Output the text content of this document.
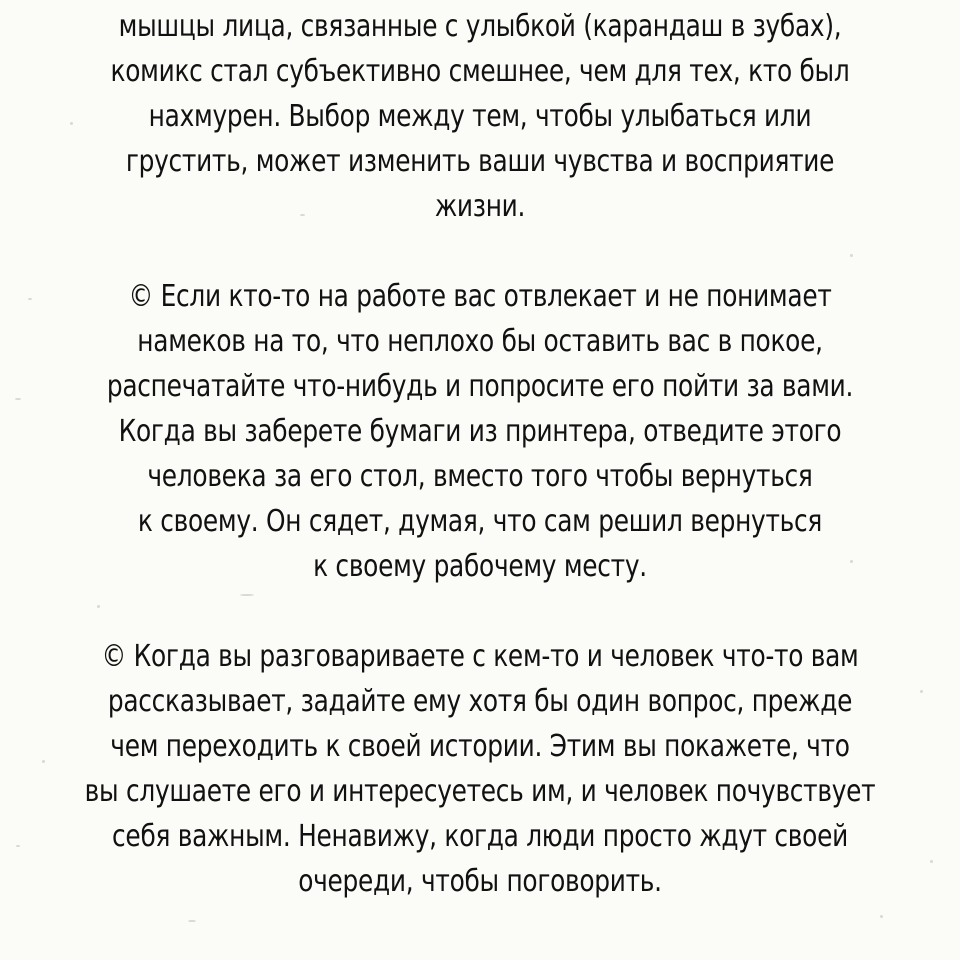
мышцы лица, связанные с улыбкой (карандаш в зубах),
комикс стал субъективно смешнее, чем для тех, кто был
нахмурен. Выбор между тем, чтобы улыбаться или
грустить, может изменить ваши чувства и восприятие
жизни.

© Если кто-то на работе вас отвлекает и не понимает
намеков на то, что неплохо бы оставить вас в покое,
распечатайте что-нибудь и попросите его пойти за вами.
Когда вы заберете бумаги из принтера, отведите этого
человека за его стол, вместо того чтобы вернуться
к своему. Он сядет, думая, что сам решил вернуться
к своему рабочему месту.

© Когда вы разговариваете с кем-то и человек что-то вам
рассказывает, задайте ему хотя бы один вопрос, прежде
чем переходить к своей истории. Этим вы покажете, что
вы слушаете его и интересуетесь им, и человек почувствует
себя важным. Ненавижу, когда люди просто ждут своей
очереди, чтобы поговорить.
